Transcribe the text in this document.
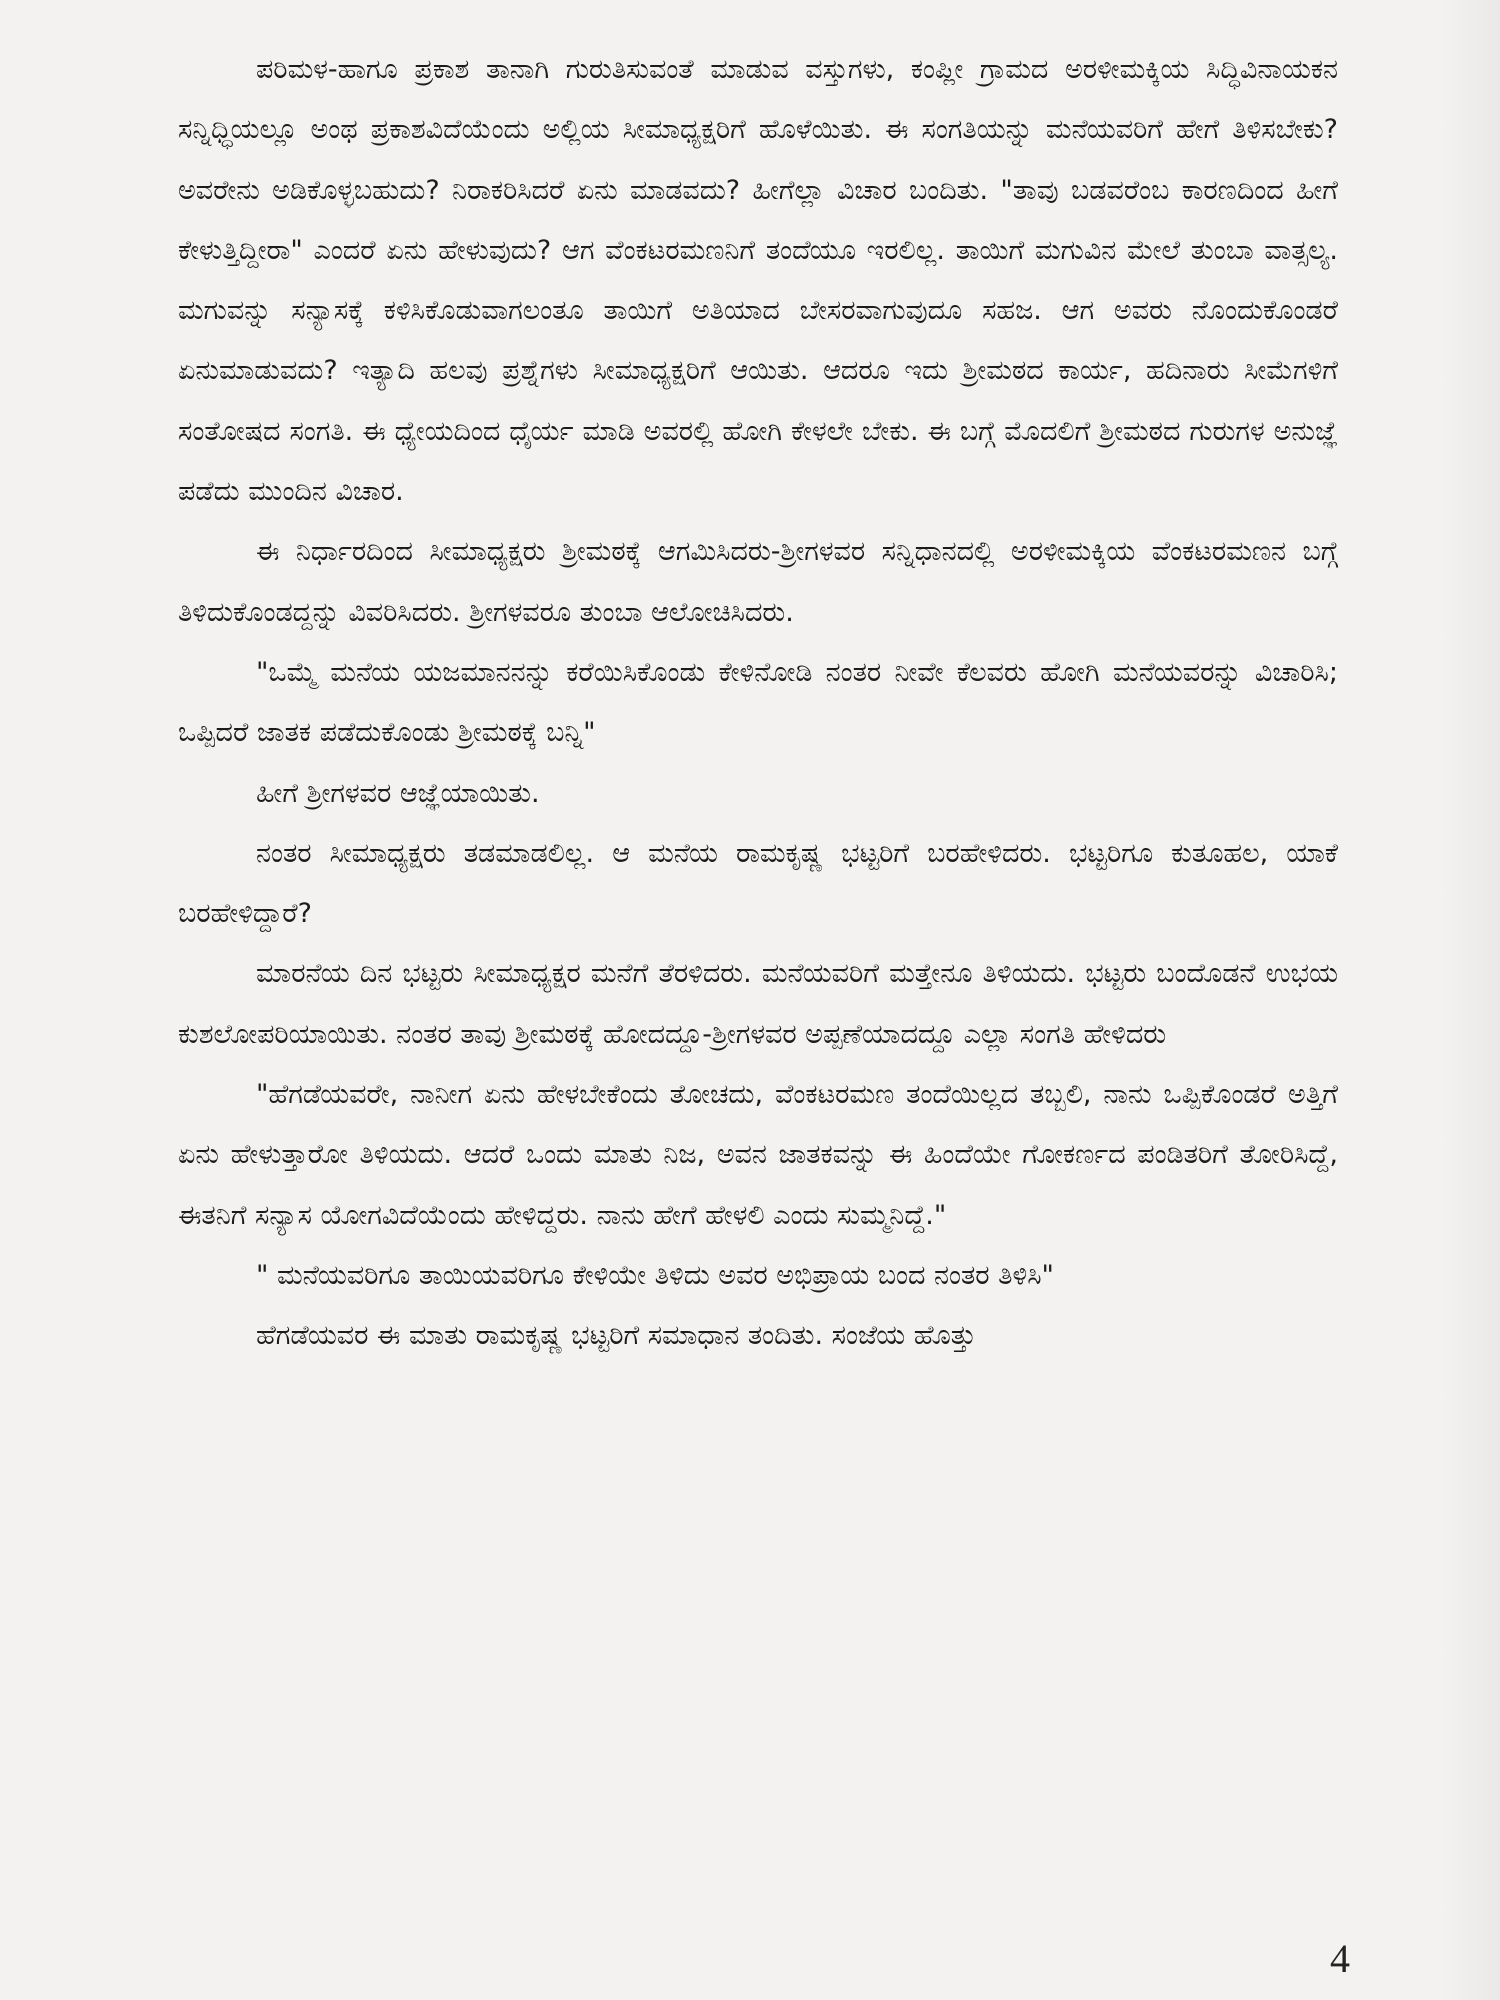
ಪರಿಮಳ-ಹಾಗೂ ಪ್ರಕಾಶ ತಾನಾಗಿ ಗುರುತಿಸುವಂತೆ ಮಾಡುವ ವಸ್ತುಗಳು, ಕಂಪ್ಲೀ ಗ್ರಾಮದ ಅರಳೀಮಕ್ಕಿಯ ಸಿದ್ಧಿವಿನಾಯಕನ ಸನ್ನಿಧ್ಧಿಯಲ್ಲೂ ಅಂಥ ಪ್ರಕಾಶವಿದೆಯೆಂದು ಅಲ್ಲಿಯ ಸೀಮಾಧ್ಯಕ್ಷರಿಗೆ ಹೊಳೆಯಿತು. ಈ ಸಂಗತಿಯನ್ನು ಮನೆಯವರಿಗೆ ಹೇಗೆ ತಿಳಿಸಬೇಕು? ಅವರೇನು ಅಡಿಕೊಳ್ಳಬಹುದು? ನಿರಾಕರಿಸಿದರೆ ಏನು ಮಾಡವದು? ಹೀಗೆಲ್ಲಾ ವಿಚಾರ ಬಂದಿತು. "ತಾವು ಬಡವರೆಂಬ ಕಾರಣದಿಂದ ಹೀಗೆ ಕೇಳುತ್ತಿದ್ದೀರಾ" ಎಂದರೆ ಏನು ಹೇಳುವುದು? ಆಗ ವೆಂಕಟರಮಣನಿಗೆ ತಂದೆಯೂ ಇರಲಿಲ್ಲ. ತಾಯಿಗೆ ಮಗುವಿನ ಮೇಲೆ ತುಂಬಾ ವಾತ್ಸಲ್ಯ. ಮಗುವನ್ನು ಸನ್ಯಾಸಕ್ಕೆ ಕಳಿಸಿಕೊಡುವಾಗಲಂತೂ ತಾಯಿಗೆ ಅತಿಯಾದ ಬೇಸರವಾಗುವುದೂ ಸಹಜ. ಆಗ ಅವರು ನೊಂದುಕೊಂಡರೆ ಏನುಮಾಡುವದು? ಇತ್ಯಾದಿ ಹಲವು ಪ್ರಶ್ನೆಗಳು ಸೀಮಾಧ್ಯಕ್ಷರಿಗೆ ಆಯಿತು. ಆದರೂ ಇದು ಶ್ರೀಮಠದ ಕಾರ್ಯ, ಹದಿನಾರು ಸೀಮೆಗಳಿಗೆ ಸಂತೋಷದ ಸಂಗತಿ. ಈ ಧ್ಯೇಯದಿಂದ ಧೈರ್ಯ ಮಾಡಿ ಅವರಲ್ಲಿ ಹೋಗಿ ಕೇಳಲೇ ಬೇಕು. ಈ ಬಗ್ಗೆ ಮೊದಲಿಗೆ ಶ್ರೀಮಠದ ಗುರುಗಳ ಅನುಜ್ಞೆ ಪಡೆದು ಮುಂದಿನ ವಿಚಾರ.

ಈ ನಿರ್ಧಾರದಿಂದ ಸೀಮಾಧ್ಯಕ್ಷರು ಶ್ರೀಮಠಕ್ಕೆ ಆಗಮಿಸಿದರು-ಶ್ರೀಗಳವರ ಸನ್ನಿಧಾನದಲ್ಲಿ ಅರಳೀಮಕ್ಕಿಯ ವೆಂಕಟರಮಣನ ಬಗ್ಗೆ ತಿಳಿದುಕೊಂಡದ್ದನ್ನು ವಿವರಿಸಿದರು. ಶ್ರೀಗಳವರೂ ತುಂಬಾ ಆಲೋಚಿಸಿದರು.

"ಒಮ್ಮೆ ಮನೆಯ ಯಜಮಾನನನ್ನು ಕರೆಯಿಸಿಕೊಂಡು ಕೇಳಿನೋಡಿ ನಂತರ ನೀವೇ ಕೆಲವರು ಹೋಗಿ ಮನೆಯವರನ್ನು ವಿಚಾರಿಸಿ; ಒಪ್ಪಿದರೆ ಜಾತಕ ಪಡೆದುಕೊಂಡು ಶ್ರೀಮಠಕ್ಕೆ ಬನ್ನಿ"

ಹೀಗೆ ಶ್ರೀಗಳವರ ಆಜ್ಞೆಯಾಯಿತು.

ನಂತರ ಸೀಮಾಧ್ಯಕ್ಷರು ತಡಮಾಡಲಿಲ್ಲ. ಆ ಮನೆಯ ರಾಮಕೃಷ್ಣ ಭಟ್ಟರಿಗೆ ಬರಹೇಳಿದರು. ಭಟ್ಟರಿಗೂ ಕುತೂಹಲ, ಯಾಕೆ ಬರಹೇಳಿದ್ದಾರೆ?

ಮಾರನೆಯ ದಿನ ಭಟ್ಟರು ಸೀಮಾಧ್ಯಕ್ಷರ ಮನೆಗೆ ತೆರಳಿದರು. ಮನೆಯವರಿಗೆ ಮತ್ತೇನೂ ತಿಳಿಯದು. ಭಟ್ಟರು ಬಂದೊಡನೆ ಉಭಯ ಕುಶಲೋಪರಿಯಾಯಿತು. ನಂತರ ತಾವು ಶ್ರೀಮಠಕ್ಕೆ ಹೋದದ್ದೂ-ಶ್ರೀಗಳವರ ಅಪ್ಪಣೆಯಾದದ್ದೂ ಎಲ್ಲಾ ಸಂಗತಿ ಹೇಳಿದರು

"ಹೆಗಡೆಯವರೇ, ನಾನೀಗ ಏನು ಹೇಳಬೇಕೆಂದು ತೋಚದು, ವೆಂಕಟರಮಣ ತಂದೆಯಿಲ್ಲದ ತಬ್ಬಲಿ, ನಾನು ಒಪ್ಪಿಕೊಂಡರೆ ಅತ್ತಿಗೆ ಏನು ಹೇಳುತ್ತಾರೋ ತಿಳಿಯದು. ಆದರೆ ಒಂದು ಮಾತು ನಿಜ, ಅವನ ಜಾತಕವನ್ನು ಈ ಹಿಂದೆಯೇ ಗೋಕರ್ಣದ ಪಂಡಿತರಿಗೆ ತೋರಿಸಿದ್ದೆ, ಈತನಿಗೆ ಸನ್ಯಾಸ ಯೋಗವಿದೆಯೆಂದು ಹೇಳಿದ್ದರು. ನಾನು ಹೇಗೆ ಹೇಳಲಿ ಎಂದು ಸುಮ್ಮನಿದ್ದೆ."

" ಮನೆಯವರಿಗೂ ತಾಯಿಯವರಿಗೂ ಕೇಳಿಯೇ ತಿಳಿದು ಅವರ ಅಭಿಪ್ರಾಯ ಬಂದ ನಂತರ ತಿಳಿಸಿ"

ಹೆಗಡೆಯವರ ಈ ಮಾತು ರಾಮಕೃಷ್ಣ ಭಟ್ಟರಿಗೆ ಸಮಾಧಾನ ತಂದಿತು. ಸಂಜೆಯ ಹೊತ್ತು

4
